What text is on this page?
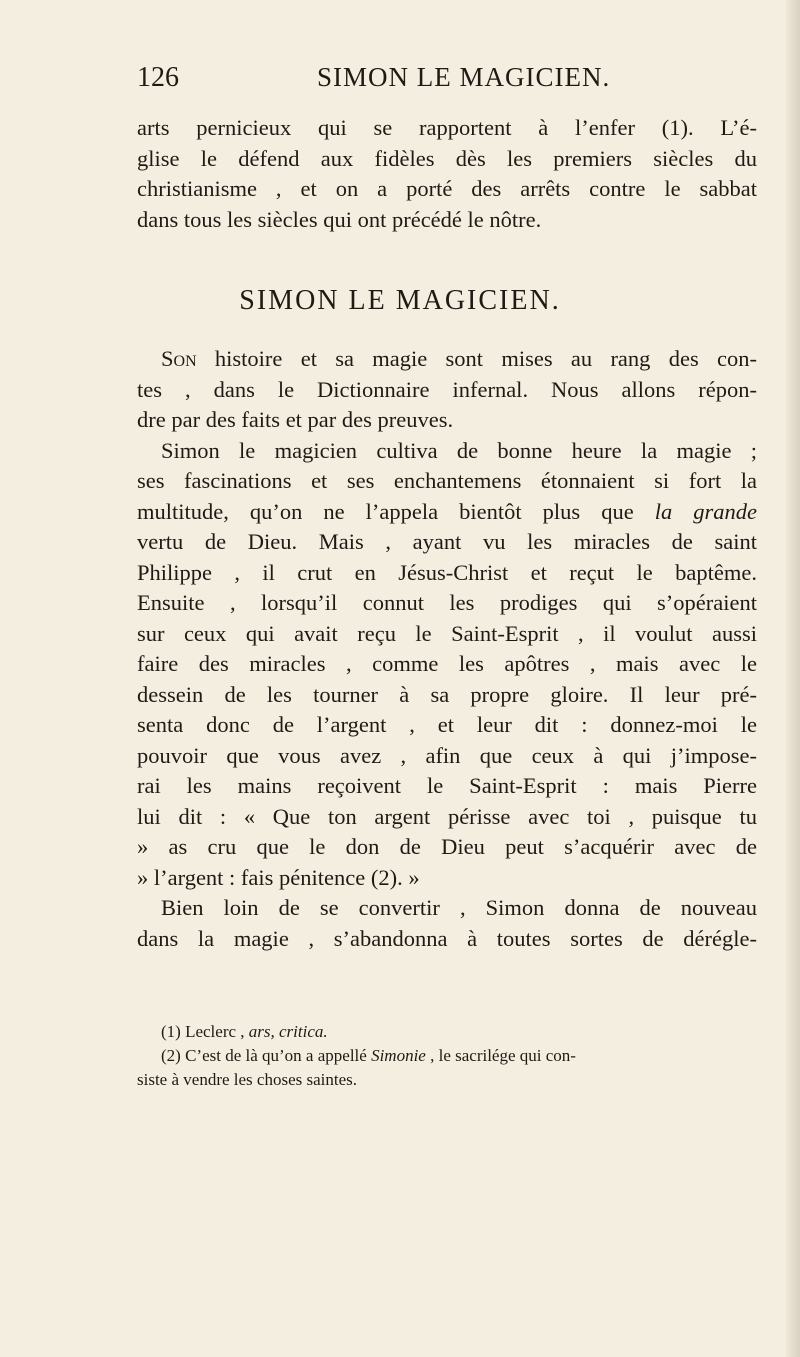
126	SIMON LE MAGICIEN.
arts pernicieux qui se rapportent à l’enfer (1). L’é-
glise le défend aux fidèles dès les premiers siècles du
christianisme , et on a porté des arrêts contre le sabbat
dans tous les siècles qui ont précédé le nôtre.
SIMON LE MAGICIEN.
Son histoire et sa magie sont mises au rang des con-
tes , dans le Dictionnaire infernal. Nous allons répon-
dre par des faits et par des preuves.
Simon le magicien cultiva de bonne heure la magie ;
ses fascinations et ses enchantemens étonnaient si fort la
multitude, qu’on ne l’appela bientôt plus que la grande
vertu de Dieu. Mais , ayant vu les miracles de saint
Philippe , il crut en Jésus-Christ et reçut le baptême.
Ensuite , lorsqu’il connut les prodiges qui s’opéraient
sur ceux qui avait reçu le Saint-Esprit , il voulut aussi
faire des miracles , comme les apôtres , mais avec le
dessein de les tourner à sa propre gloire. Il leur pré-
senta donc de l’argent , et leur dit : donnez-moi le
pouvoir que vous avez , afin que ceux à qui j’impose-
rai les mains reçoivent le Saint-Esprit : mais Pierre
lui dit : « Que ton argent périsse avec toi , puisque tu
» as cru que le don de Dieu peut s’acquérir avec de
» l’argent : fais pénitence (2). »
Bien loin de se convertir , Simon donna de nouveau
dans la magie , s’abandonna à toutes sortes de dérégle-
(1) Leclerc , ars, critica.
(2) C’est de là qu’on a appellé Simonie , le sacrilége qui con-
siste à vendre les choses saintes.
